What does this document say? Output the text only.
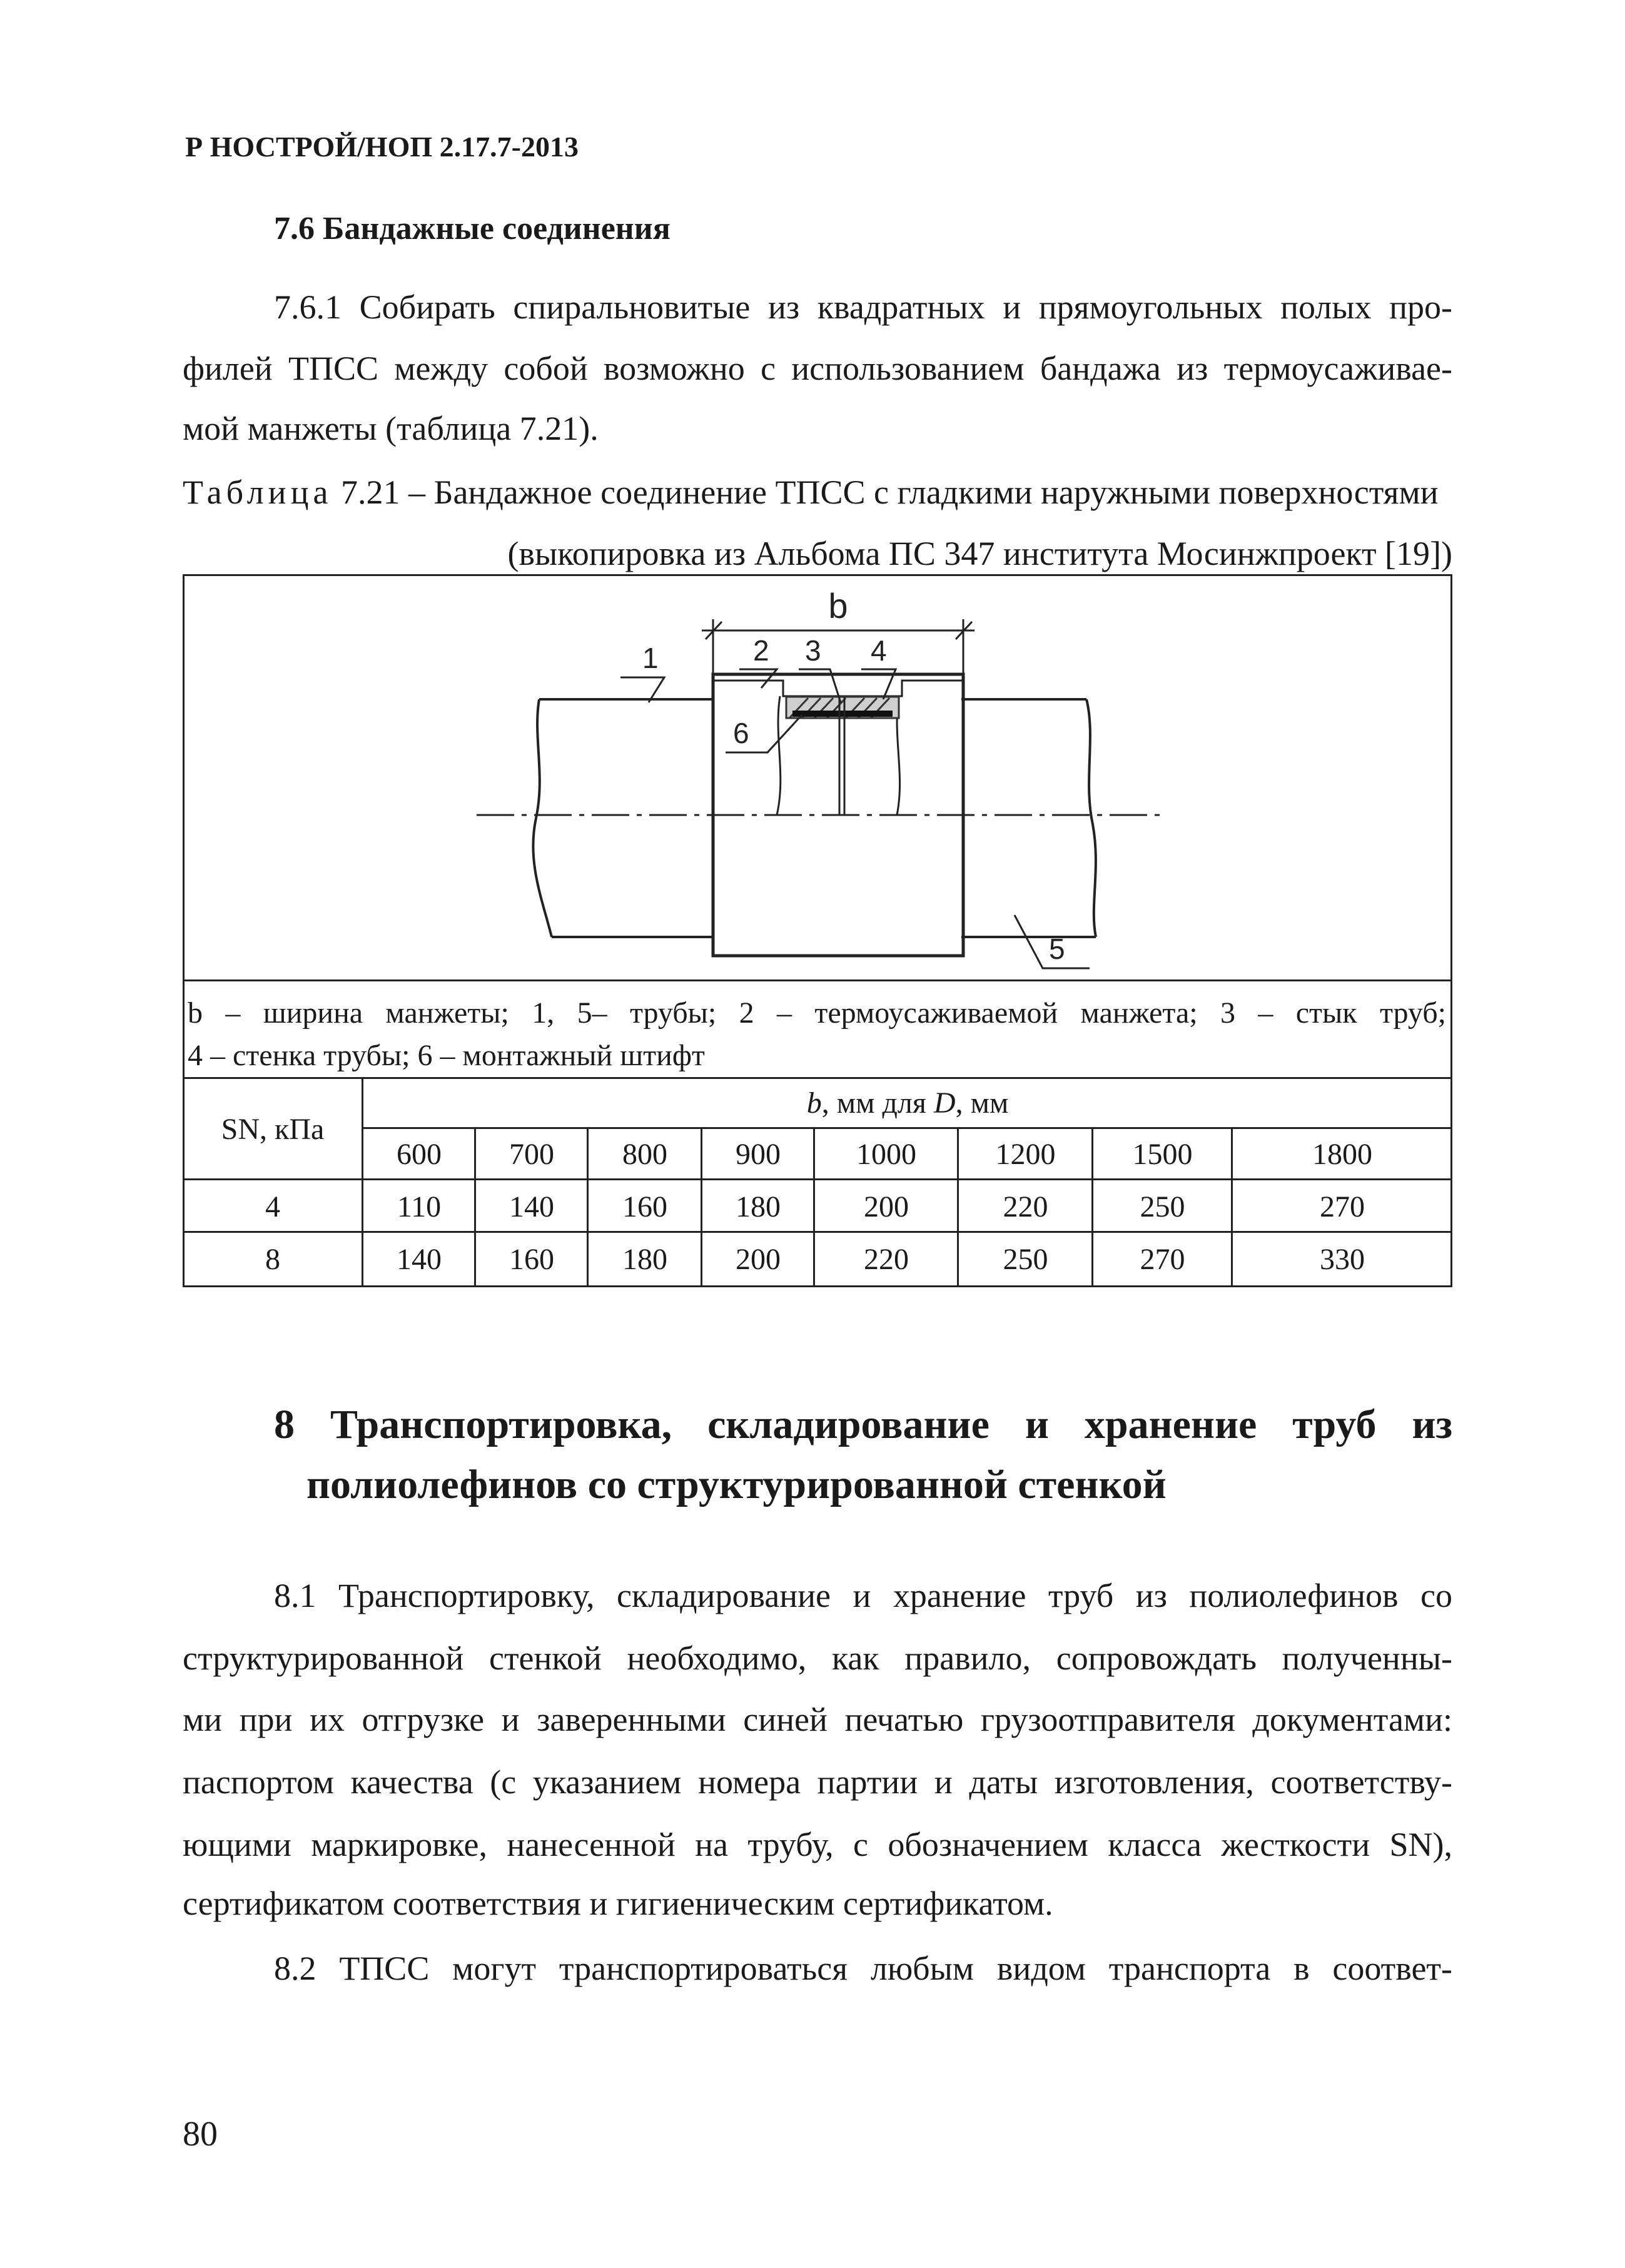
Р НОСТРОЙ/НОП 2.17.7-2013
7.6 Бандажные соединения
7.6.1 Собирать спиральновитые из квадратных и прямоугольных полых про-
филей ТПСС между собой возможно с использованием бандажа из термоусаживае-
мой манжеты (таблица 7.21).
Таблица 7.21 – Бандажное соединение ТПСС с гладкими наружными поверхностями
(выкопировка из Альбома ПС 347 института Мосинжпроект [19])
b
1	2 3 4
6
5
b – ширина манжеты; 1, 5– трубы; 2 – термоусаживаемой манжета; 3 – стык труб;
4 – стенка трубы; 6 – монтажный штифт
SN, кПа
b, мм для D, мм
600	700	800	900	1000	1200	1500	1800
4	110	140	160	180	200	220	250	270
8	140	160	180	200	220	250	270	330
8 Транспортировка, складирование и хранение труб из
полиолефинов со структурированной стенкой
8.1 Транспортировку, складирование и хранение труб из полиолефинов со
структурированной стенкой необходимо, как правило, сопровождать полученны-
ми при их отгрузке и заверенными синей печатью грузоотправителя документами:
паспортом качества (с указанием номера партии и даты изготовления, соответству-
ющими маркировке, нанесенной на трубу, с обозначением класса жесткости SN),
сертификатом соответствия и гигиеническим сертификатом.
8.2 ТПСС могут транспортироваться любым видом транспорта в соответ-
80
